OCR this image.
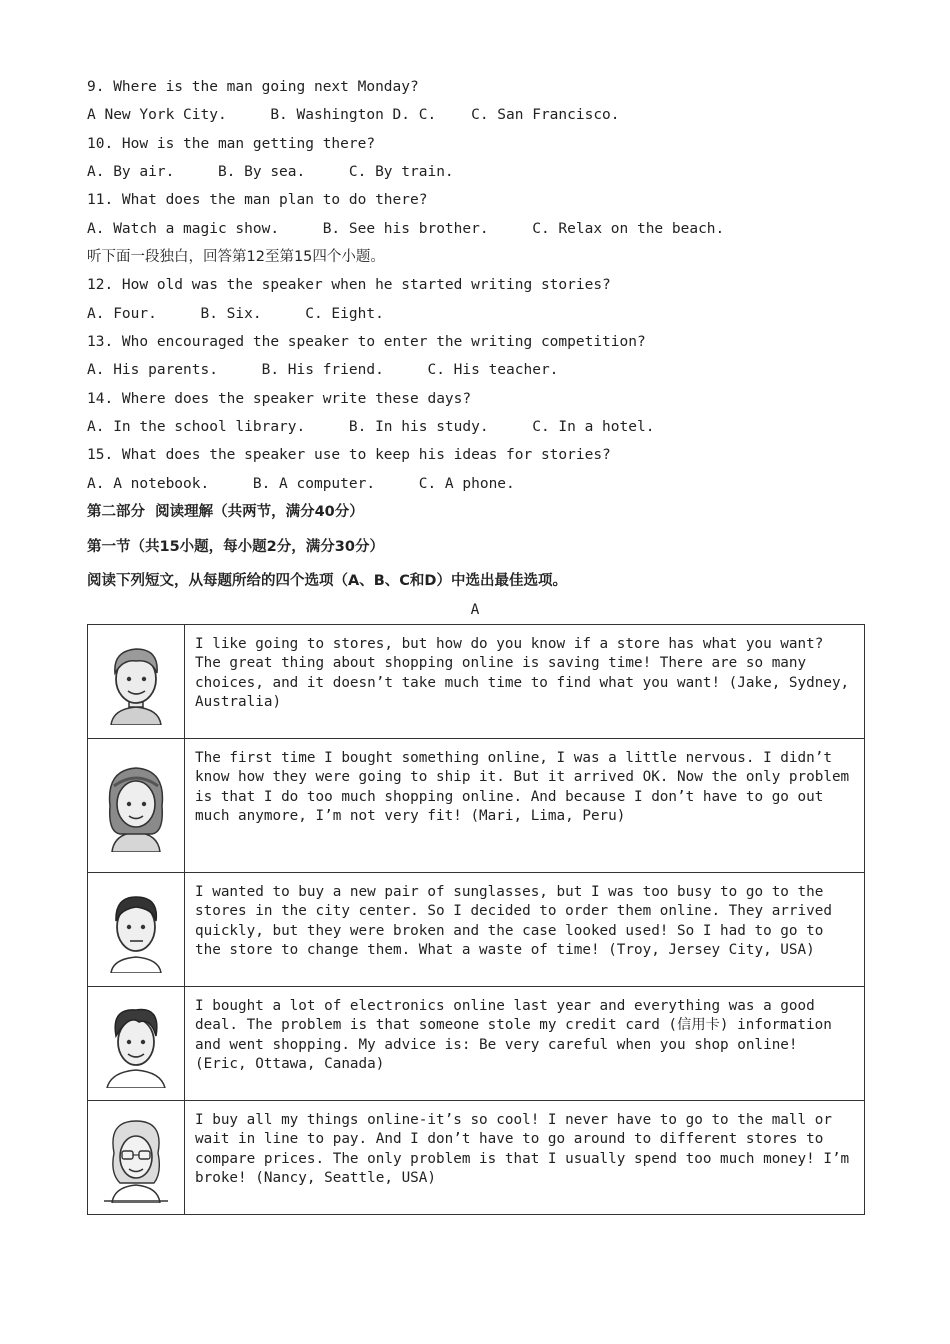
9. Where is the man going next Monday?
A New York City.     B. Washington D. C.    C. San Francisco.
10. How is the man getting there?
A. By air.     B. By sea.     C. By train.
11. What does the man plan to do there?
A. Watch a magic show.     B. See his brother.     C. Relax on the beach.
听下面一段独白，回答第12至第15四个小题。
12. How old was the speaker when he started writing stories?
A. Four.     B. Six.     C. Eight.
13. Who encouraged the speaker to enter the writing competition?
A. His parents.     B. His friend.     C. His teacher.
14. Where does the speaker write these days?
A. In the school library.     B. In his study.     C. In a hotel.
15. What does the speaker use to keep his ideas for stories?
A. A notebook.     B. A computer.     C. A phone.
第二部分  阅读理解（共两节，满分40分）
第一节（共15小题，每小题2分，满分30分）
阅读下列短文，从每题所给的四个选项（A、B、C和D）中选出最佳选项。
A
	I like going to stores, but how do you know if a store has what you want? The great thing about shopping online is saving time! There are so many choices, and it doesn’t take much time to find what you want! (Jake, Sydney, Australia)

	The first time I bought something online, I was a little nervous. I didn’t know how they were going to ship it. But it arrived OK. Now the only problem is that I do too much shopping online. And because I don’t have to go out much anymore, I’m not very fit! (Mari, Lima, Peru)

	I wanted to buy a new pair of sunglasses, but I was too busy to go to the stores in the city center. So I decided to order them online. They arrived quickly, but they were broken and the case looked used! So I had to go to the store to change them. What a waste of time! (Troy, Jersey City, USA)

	I bought a lot of electronics online last year and everything was a good deal. The problem is that someone stole my credit card (信用卡) information and went shopping. My advice is: Be very careful when you shop online! (Eric, Ottawa, Canada)

	I buy all my things online-it’s so cool! I never have to go to the mall or wait in line to pay. And I don’t have to go around to different stores to compare prices. The only problem is that I usually spend too much money! I’m broke! (Nancy, Seattle, USA)
